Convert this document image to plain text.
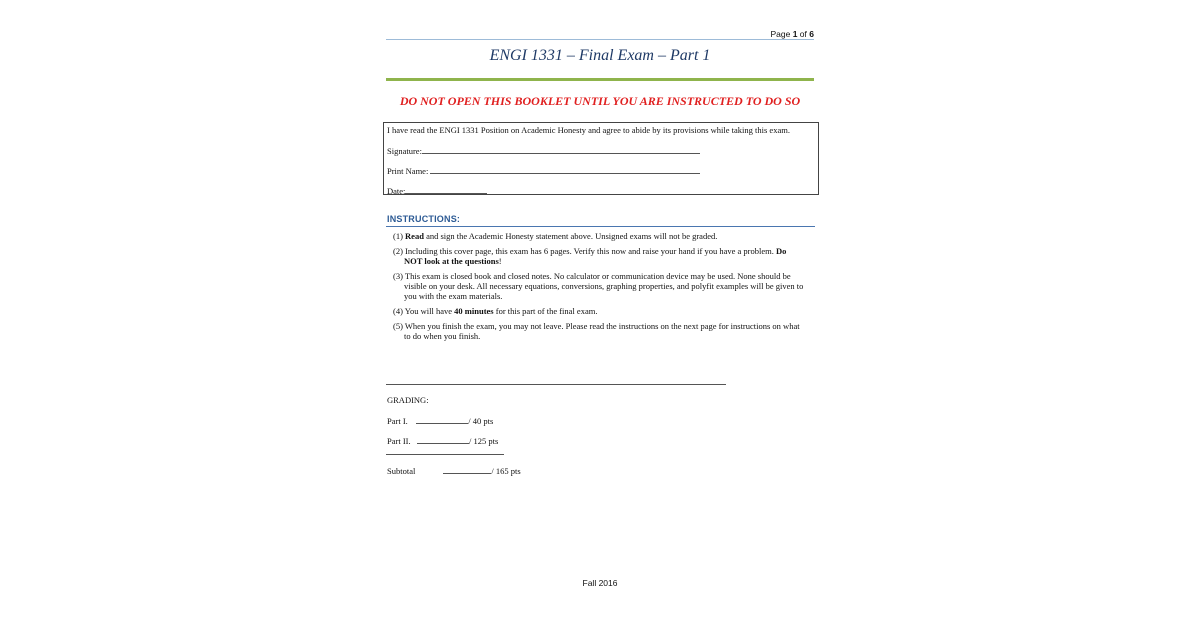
Page 1 of 6
ENGI 1331 – Final Exam – Part 1
DO NOT OPEN THIS BOOKLET UNTIL YOU ARE INSTRUCTED TO DO SO
I have read the ENGI 1331 Position on Academic Honesty and agree to abide by its provisions while taking this exam.
Signature:
Print Name:
Date:
INSTRUCTIONS:
(1) Read and sign the Academic Honesty statement above. Unsigned exams will not be graded.
(2) Including this cover page, this exam has 6 pages. Verify this now and raise your hand if you have a problem. Do
NOT look at the questions!
(3) This exam is closed book and closed notes. No calculator or communication device may be used. None should be
visible on your desk. All necessary equations, conversions, graphing properties, and polyfit examples will be given to
you with the exam materials.
(4) You will have 40 minutes for this part of the final exam.
(5) When you finish the exam, you may not leave. Please read the instructions on the next page for instructions on what
to do when you finish.
GRADING:
Part I.	/ 40 pts
Part II.	/ 125 pts
Subtotal	/ 165 pts
Fall 2016
